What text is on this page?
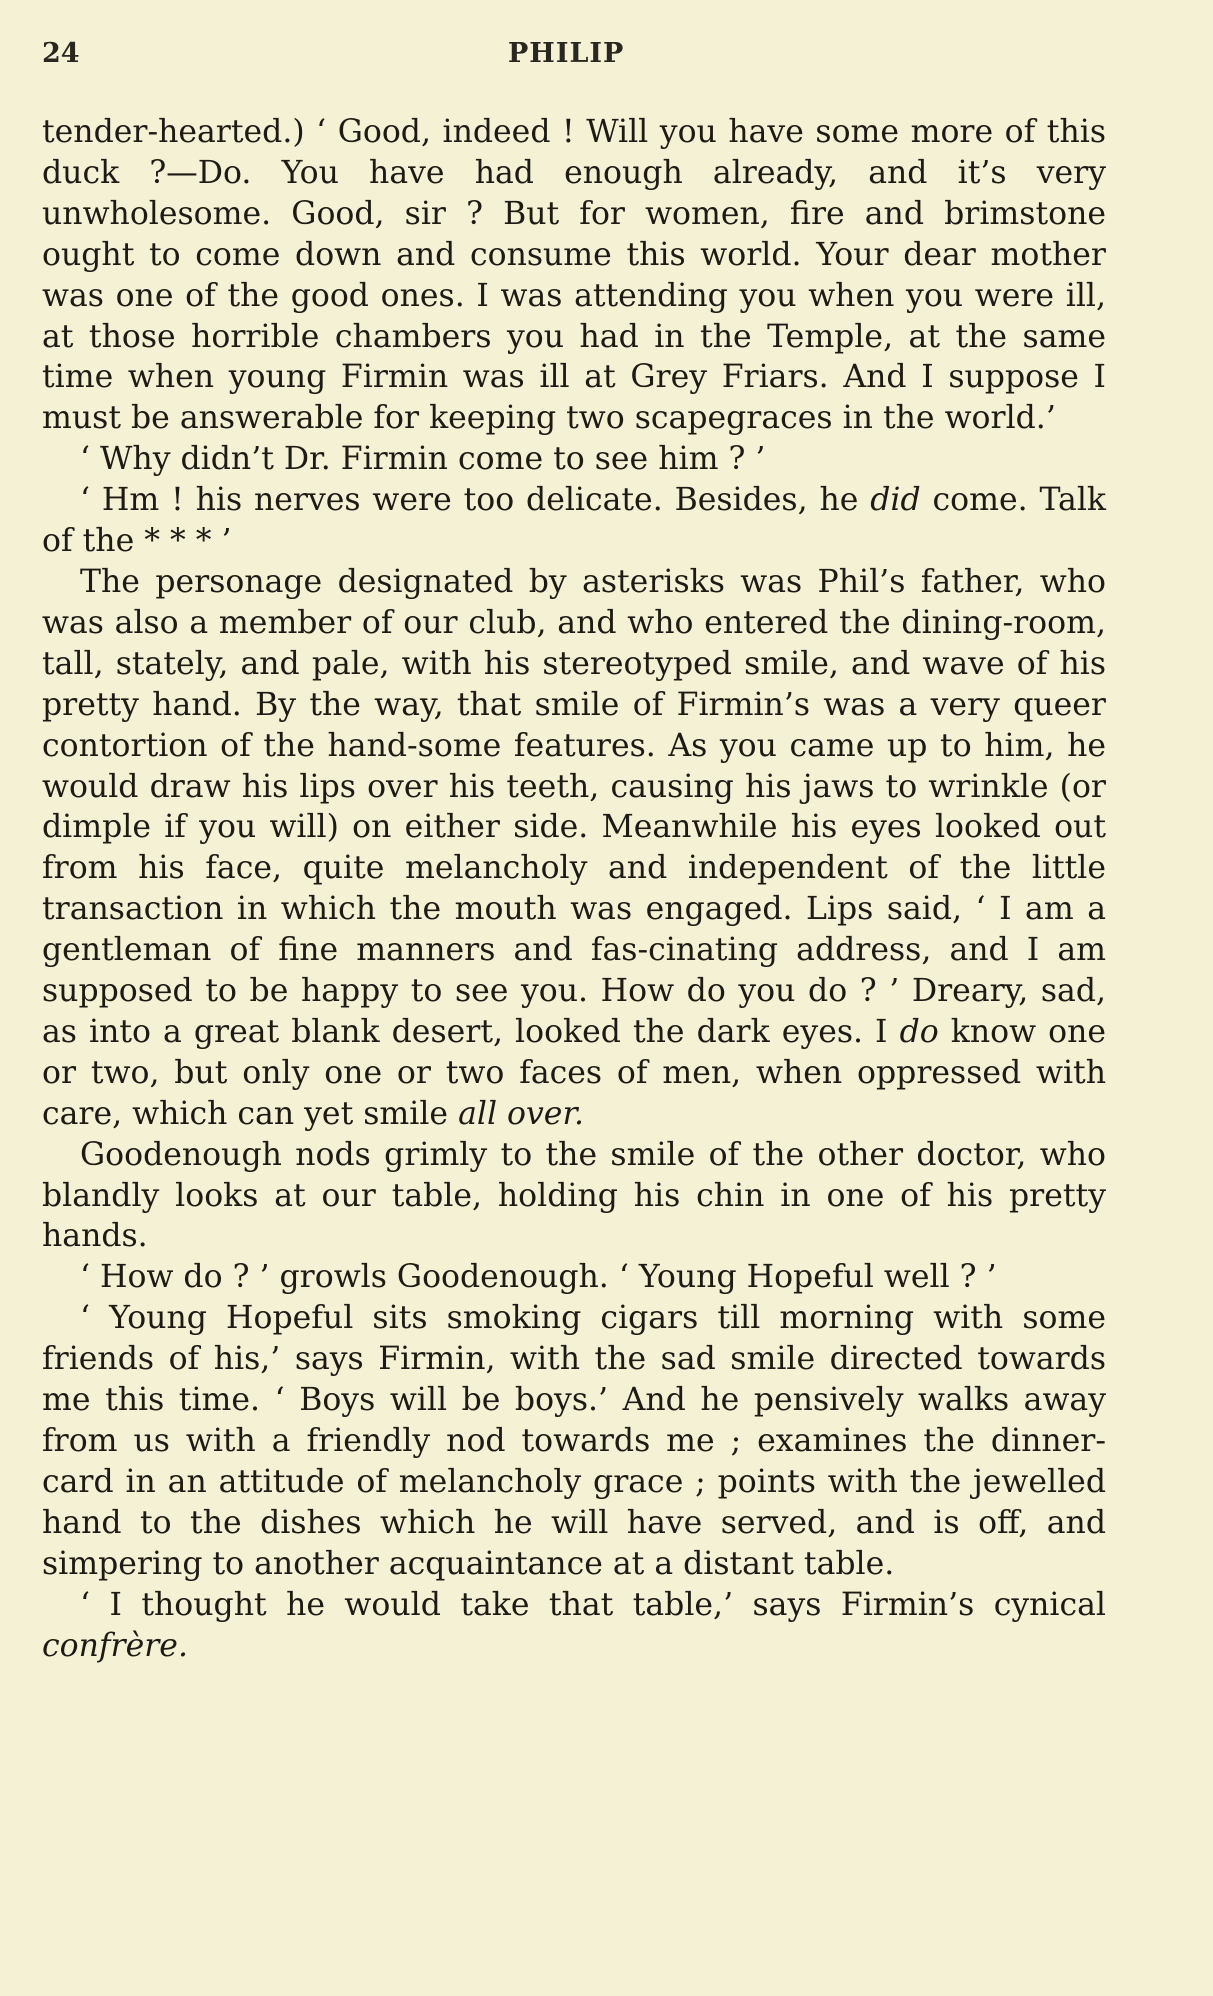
24	PHILIP

tender-hearted.) ‘ Good, indeed ! Will you have some more of this duck ?—Do. You have had enough already, and it’s very unwholesome. Good, sir ? But for women, fire and brimstone ought to come down and consume this world. Your dear mother was one of the good ones. I was attending you when you were ill, at those horrible chambers you had in the Temple, at the same time when young Firmin was ill at Grey Friars. And I suppose I must be answerable for keeping two scapegraces in the world.’

‘ Why didn’t Dr. Firmin come to see him ? ’

‘ Hm ! his nerves were too delicate. Besides, he did come. Talk of the * * * ’

The personage designated by asterisks was Phil’s father, who was also a member of our club, and who entered the dining-room, tall, stately, and pale, with his stereotyped smile, and wave of his pretty hand. By the way, that smile of Firmin’s was a very queer contortion of the hand-some features. As you came up to him, he would draw his lips over his teeth, causing his jaws to wrinkle (or dimple if you will) on either side. Meanwhile his eyes looked out from his face, quite melancholy and independent of the little transaction in which the mouth was engaged. Lips said, ‘ I am a gentleman of fine manners and fas-cinating address, and I am supposed to be happy to see you. How do you do ? ’ Dreary, sad, as into a great blank desert, looked the dark eyes. I do know one or two, but only one or two faces of men, when oppressed with care, which can yet smile all over.

Goodenough nods grimly to the smile of the other doctor, who blandly looks at our table, holding his chin in one of his pretty hands.

‘ How do ? ’ growls Goodenough. ‘ Young Hopeful well ? ’

‘ Young Hopeful sits smoking cigars till morning with some friends of his,’ says Firmin, with the sad smile directed towards me this time. ‘ Boys will be boys.’ And he pensively walks away from us with a friendly nod towards me ; examines the dinner-card in an attitude of melancholy grace ; points with the jewelled hand to the dishes which he will have served, and is off, and simpering to another acquaintance at a distant table.

‘ I thought he would take that table,’ says Firmin’s cynical confrère.
